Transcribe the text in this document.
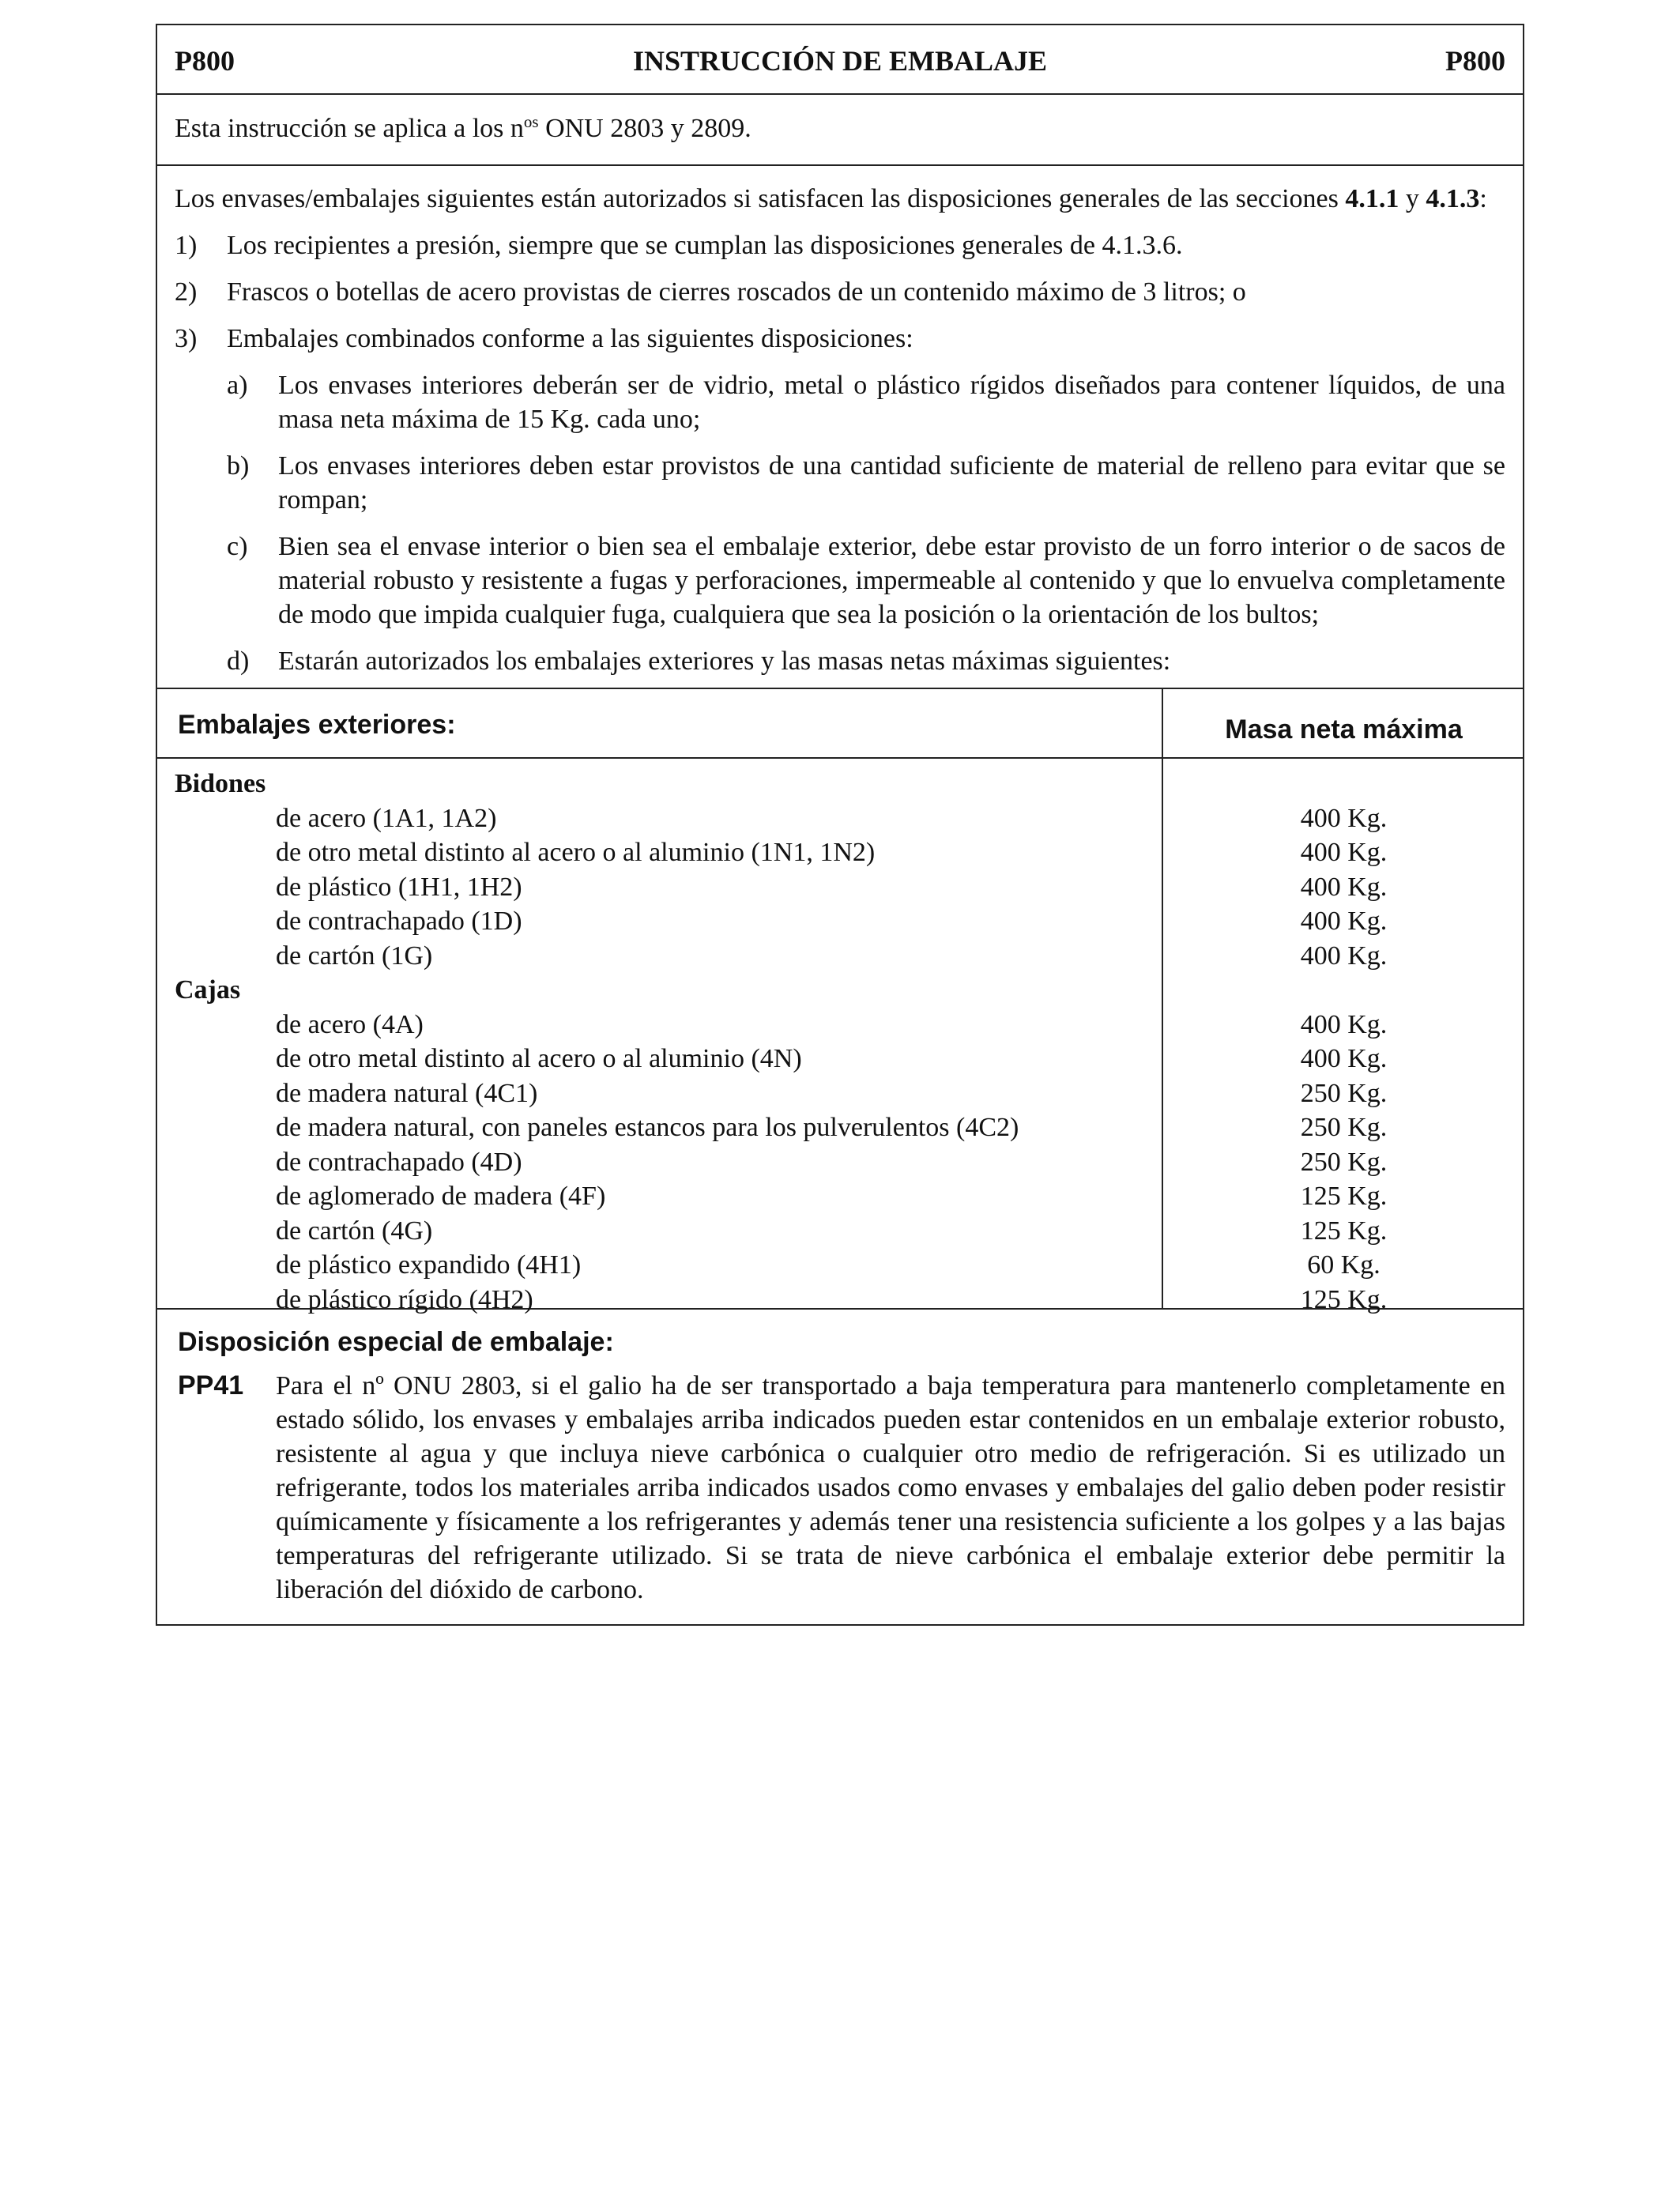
P800	INSTRUCCIÓN DE EMBALAJE	P800
Esta instrucción se aplica a los $n^{os}$ ONU 2803 y 2809.
Los envases/embalajes siguientes están autorizados si satisfacen las disposiciones generales de las secciones 4.1.1 y 4.1.3:
1) Los recipientes a presión, siempre que se cumplan las disposiciones generales de 4.1.3.6.
2) Frascos o botellas de acero provistas de cierres roscados de un contenido máximo de 3 litros; o
3) Embalajes combinados conforme a las siguientes disposiciones:
a) Los envases interiores deberán ser de vidrio, metal o plástico rígidos diseñados para contener líquidos, de una masa neta máxima de 15 Kg. cada uno;
b) Los envases interiores deben estar provistos de una cantidad suficiente de material de relleno para evitar que se rompan;
c) Bien sea el envase interior o bien sea el embalaje exterior, debe estar provisto de un forro interior o de sacos de material robusto y resistente a fugas y perforaciones, impermeable al contenido y que lo envuelva completamente de modo que impida cualquier fuga, cualquiera que sea la posición o la orientación de los bultos;
d) Estarán autorizados los embalajes exteriores y las masas netas máximas siguientes:
Embalajes exteriores:	Masa neta máxima
Bidones
de acero (1A1, 1A2)	400 Kg.
de otro metal distinto al acero o al aluminio (1N1, 1N2)	400 Kg.
de plástico (1H1, 1H2)	400 Kg.
de contrachapado (1D)	400 Kg.
de cartón (1G)	400 Kg.
Cajas
de acero (4A)	400 Kg.
de otro metal distinto al acero o al aluminio (4N)	400 Kg.
de madera natural (4C1)	250 Kg.
de madera natural, con paneles estancos para los pulverulentos (4C2)	250 Kg.
de contrachapado (4D)	250 Kg.
de aglomerado de madera (4F)	125 Kg.
de cartón (4G)	125 Kg.
de plástico expandido (4H1)	60 Kg.
de plástico rígido (4H2)	125 Kg.
Disposición especial de embalaje:
PP41 Para el nº ONU 2803, si el galio ha de ser transportado a baja temperatura para mantenerlo completamente en estado sólido, los envases y embalajes arriba indicados pueden estar contenidos en un embalaje exterior robusto, resistente al agua y que incluya nieve carbónica o cualquier otro medio de refrigeración. Si es utilizado un refrigerante, todos los materiales arriba indicados usados como envases y embalajes del galio deben poder resistir químicamente y físicamente a los refrigerantes y además tener una resistencia suficiente a los golpes y a las bajas temperaturas del refrigerante utilizado. Si se trata de nieve carbónica el embalaje exterior debe permitir la liberación del dióxido de carbono.
